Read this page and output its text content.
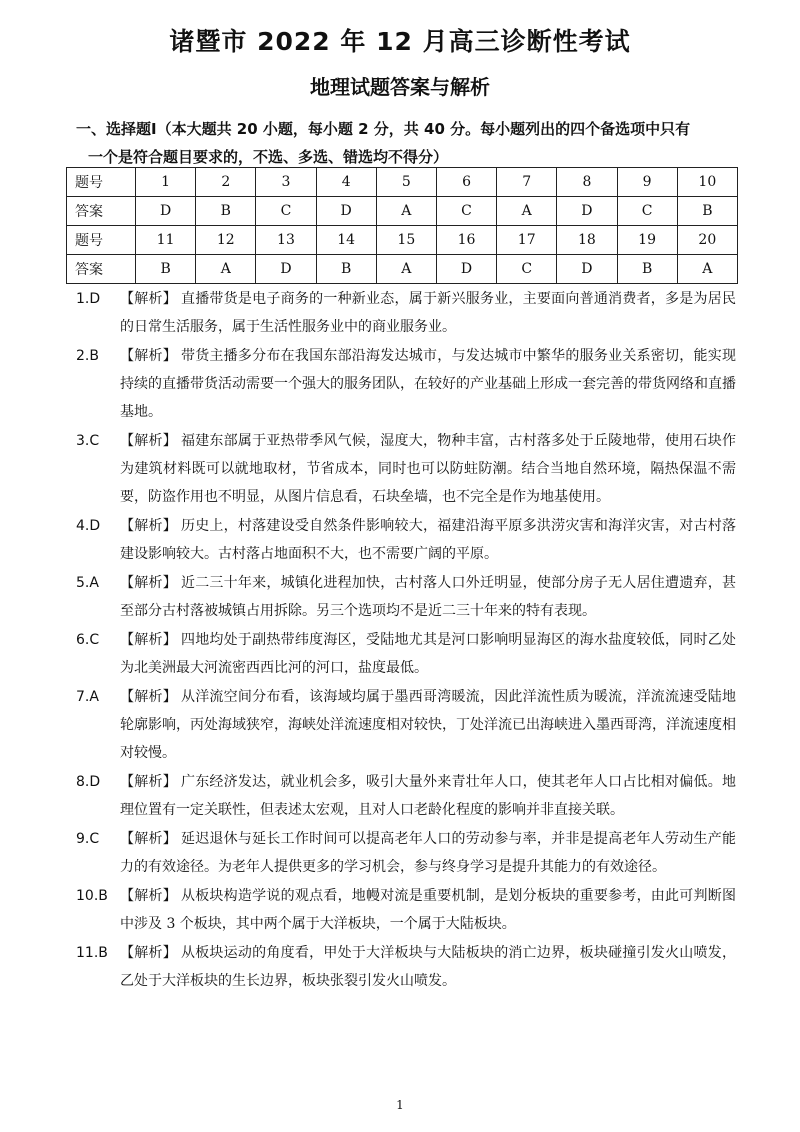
诸暨市 2022 年 12 月高三诊断性考试
地理试题答案与解析
一、选择题Ⅰ（本大题共 20 小题，每小题 2 分，共 40 分。每小题列出的四个备选项中只有
一个是符合题目要求的，不选、多选、错选均不得分）
题号	1	2	3	4	5	6	7	8	9	10
答案	D	B	C	D	A	C	A	D	C	B
题号	11	12	13	14	15	16	17	18	19	20
答案	B	A	D	B	A	D	C	D	B	A
1.D	【解析】 直播带货是电子商务的一种新业态，属于新兴服务业，主要面向普通消费者，多是为居民的日常生活服务，属于生活性服务业中的商业服务业。
2.B	【解析】 带货主播多分布在我国东部沿海发达城市，与发达城市中繁华的服务业关系密切，能实现持续的直播带货活动需要一个强大的服务团队，在较好的产业基础上形成一套完善的带货网络和直播基地。
3.C	【解析】 福建东部属于亚热带季风气候，湿度大，物种丰富，古村落多处于丘陵地带，使用石块作为建筑材料既可以就地取材，节省成本，同时也可以防蛀防潮。结合当地自然环境，隔热保温不需要，防盗作用也不明显，从图片信息看，石块垒墙，也不完全是作为地基使用。
4.D	【解析】 历史上，村落建设受自然条件影响较大，福建沿海平原多洪涝灾害和海洋灾害，对古村落建设影响较大。古村落占地面积不大，也不需要广阔的平原。
5.A	【解析】 近二三十年来，城镇化进程加快，古村落人口外迁明显，使部分房子无人居住遭遗弃，甚至部分古村落被城镇占用拆除。另三个选项均不是近二三十年来的特有表现。
6.C	【解析】 四地均处于副热带纬度海区，受陆地尤其是河口影响明显海区的海水盐度较低，同时乙处为北美洲最大河流密西西比河的河口，盐度最低。
7.A	【解析】 从洋流空间分布看，该海域均属于墨西哥湾暖流，因此洋流性质为暖流，洋流流速受陆地轮廓影响，丙处海域狭窄，海峡处洋流速度相对较快，丁处洋流已出海峡进入墨西哥湾，洋流速度相对较慢。
8.D	【解析】 广东经济发达，就业机会多，吸引大量外来青壮年人口，使其老年人口占比相对偏低。地理位置有一定关联性，但表述太宏观，且对人口老龄化程度的影响并非直接关联。
9.C	【解析】 延迟退休与延长工作时间可以提高老年人口的劳动参与率，并非是提高老年人劳动生产能力的有效途径。为老年人提供更多的学习机会，参与终身学习是提升其能力的有效途径。
10.B 【解析】 从板块构造学说的观点看，地幔对流是重要机制，是划分板块的重要参考，由此可判断图中涉及 3 个板块，其中两个属于大洋板块，一个属于大陆板块。
11.B 【解析】 从板块运动的角度看，甲处于大洋板块与大陆板块的消亡边界，板块碰撞引发火山喷发，乙处于大洋板块的生长边界，板块张裂引发火山喷发。
1
